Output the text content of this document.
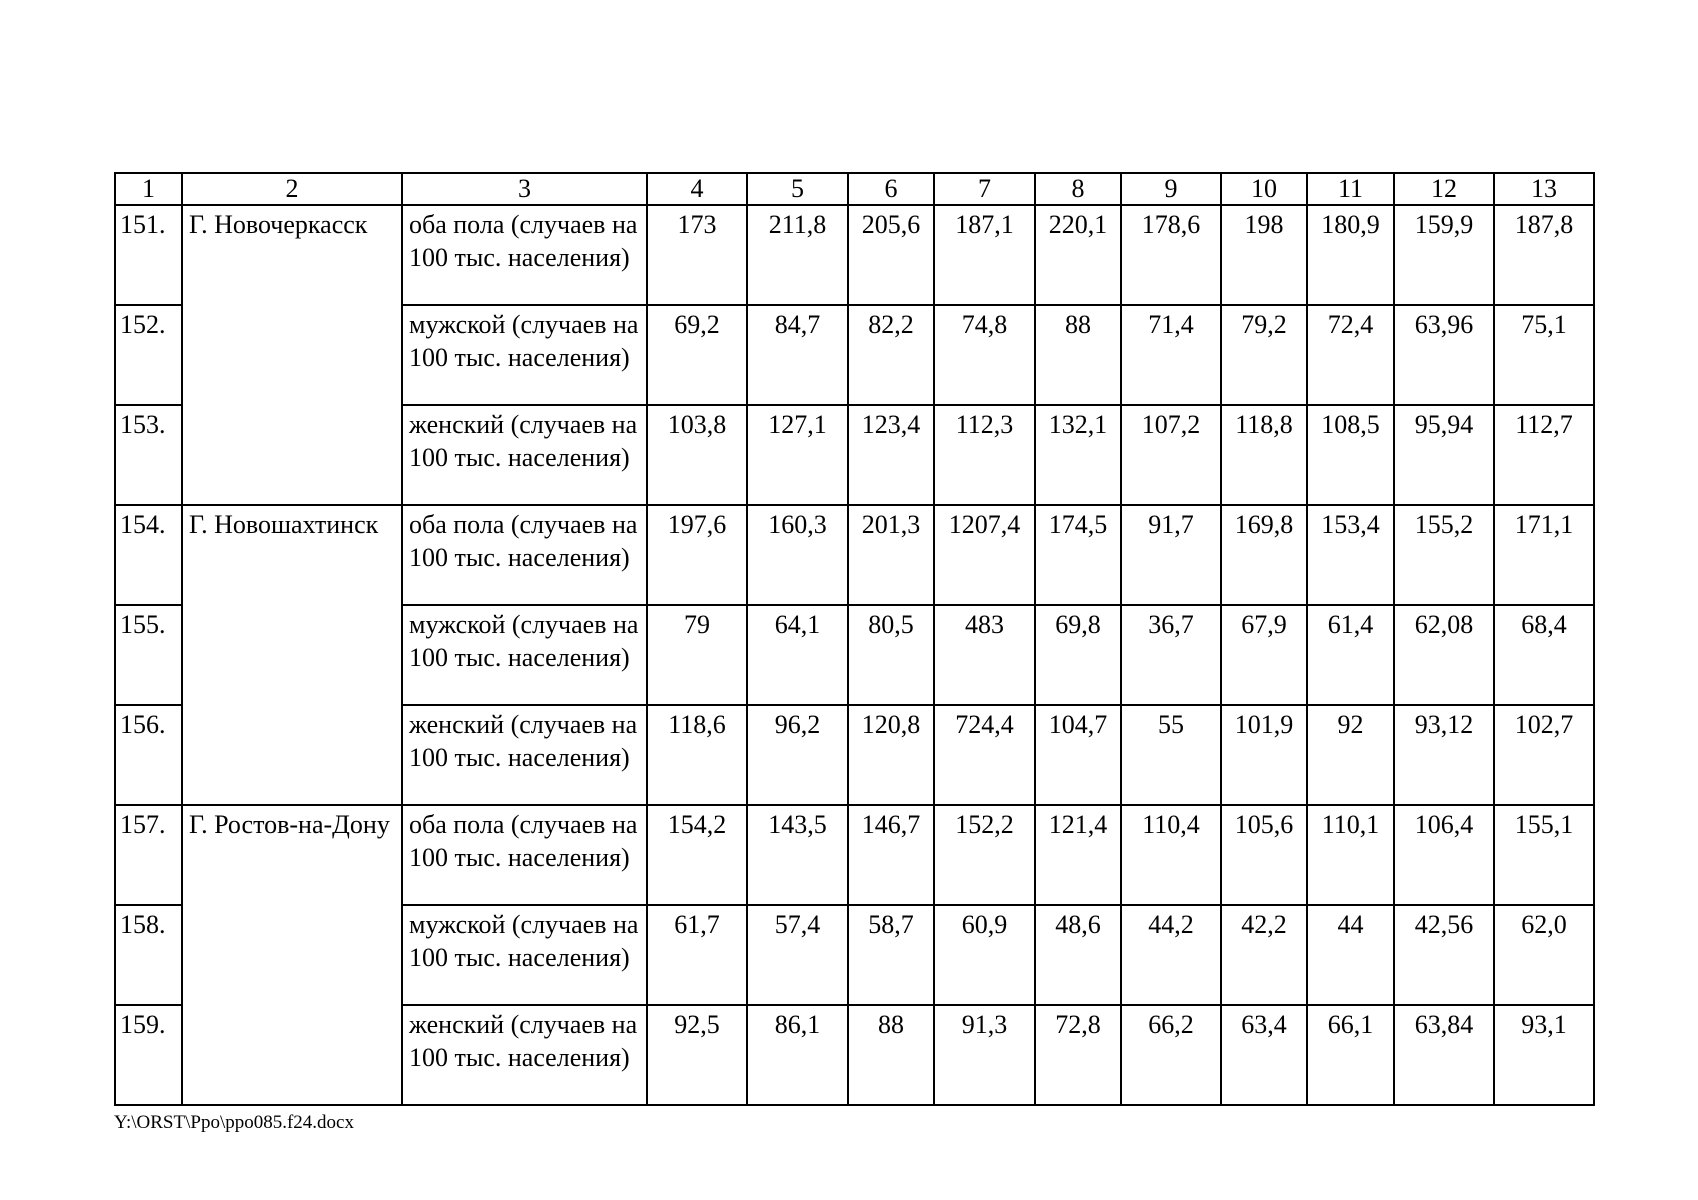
1	2	3	4	5	6	7	8	9	10	11	12	13
151.	Г. Новочеркасск	оба пола (случаев на 100 тыс. населения)	173	211,8	205,6	187,1	220,1	178,6	198	180,9	159,9	187,8
152.		мужской (случаев на 100 тыс. населения)	69,2	84,7	82,2	74,8	88	71,4	79,2	72,4	63,96	75,1
153.		женский (случаев на 100 тыс. населения)	103,8	127,1	123,4	112,3	132,1	107,2	118,8	108,5	95,94	112,7
154.	Г. Новошахтинск	оба пола (случаев на 100 тыс. населения)	197,6	160,3	201,3	1207,4	174,5	91,7	169,8	153,4	155,2	171,1
155.		мужской (случаев на 100 тыс. населения)	79	64,1	80,5	483	69,8	36,7	67,9	61,4	62,08	68,4
156.		женский (случаев на 100 тыс. населения)	118,6	96,2	120,8	724,4	104,7	55	101,9	92	93,12	102,7
157.	Г. Ростов-на-Дону	оба пола (случаев на 100 тыс. населения)	154,2	143,5	146,7	152,2	121,4	110,4	105,6	110,1	106,4	155,1
158.		мужской (случаев на 100 тыс. населения)	61,7	57,4	58,7	60,9	48,6	44,2	42,2	44	42,56	62,0
159.		женский (случаев на 100 тыс. населения)	92,5	86,1	88	91,3	72,8	66,2	63,4	66,1	63,84	93,1
Y:\ORST\Ppo\ppo085.f24.docx
